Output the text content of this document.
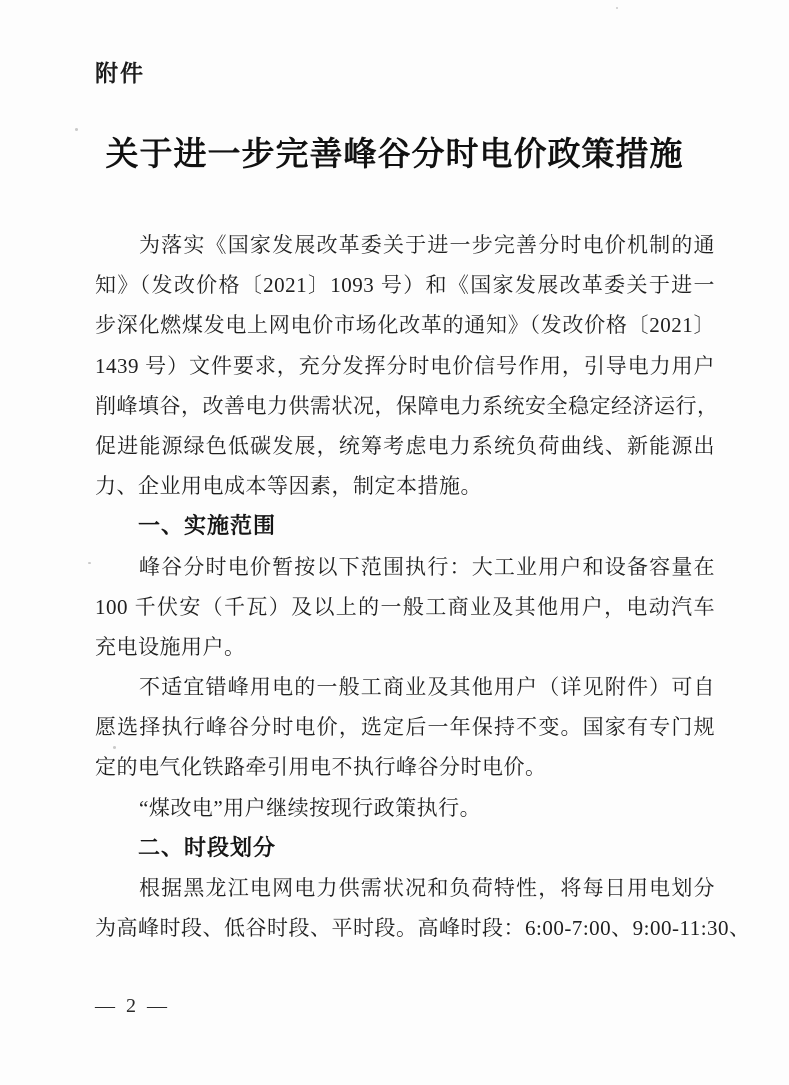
附件
关于进一步完善峰谷分时电价政策措施
为落实《国家发展改革委关于进一步完善分时电价机制的通
知》（发改价格〔2021〕1093 号）和《国家发展改革委关于进一
步深化燃煤发电上网电价市场化改革的通知》（发改价格〔2021〕
1439 号）文件要求，充分发挥分时电价信号作用，引导电力用户
削峰填谷，改善电力供需状况，保障电力系统安全稳定经济运行，
促进能源绿色低碳发展，统筹考虑电力系统负荷曲线、新能源出
力、企业用电成本等因素，制定本措施。
一、实施范围
峰谷分时电价暂按以下范围执行：大工业用户和设备容量在
100 千伏安（千瓦）及以上的一般工商业及其他用户，电动汽车
充电设施用户。
不适宜错峰用电的一般工商业及其他用户（详见附件）可自
愿选择执行峰谷分时电价，选定后一年保持不变。国家有专门规
定的电气化铁路牵引用电不执行峰谷分时电价。
“煤改电”用户继续按现行政策执行。
二、时段划分
根据黑龙江电网电力供需状况和负荷特性，将每日用电划分
为高峰时段、低谷时段、平时段。高峰时段：6:00-7:00、9:00-11:30、
— 2 —
